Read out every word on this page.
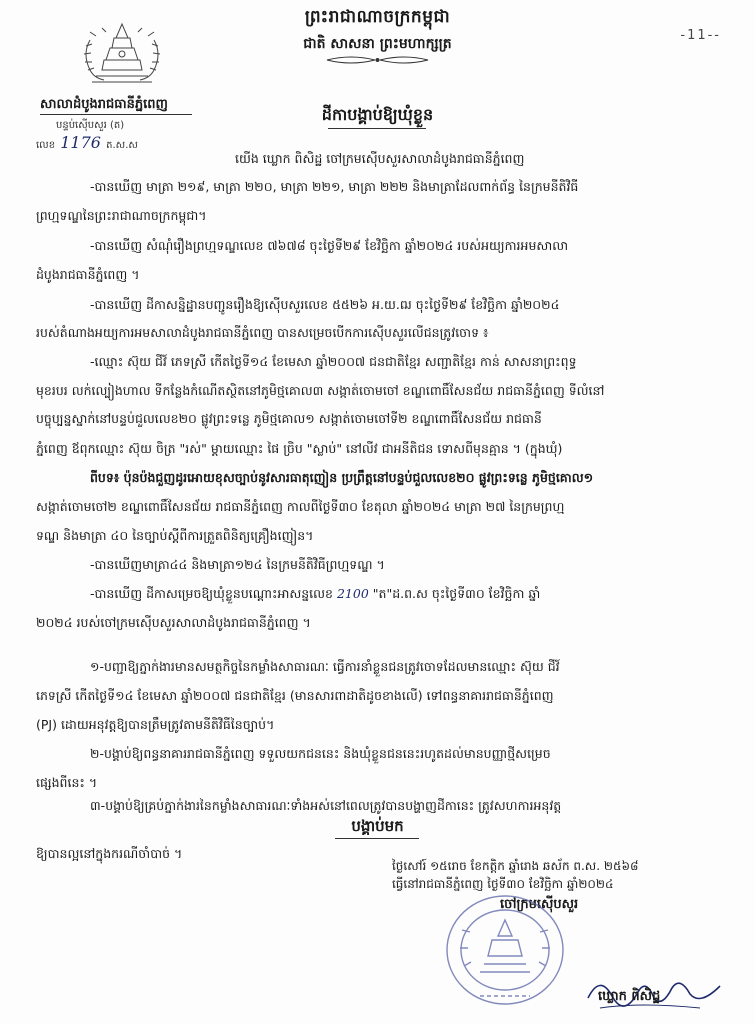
ព្រះរាជាណាចក្រកម្ពុជា
ជាតិ សាសនា ព្រះមហាក្សត្រ
-11--
សាលាដំបូងរាជធានីភ្នំពេញ
បន្ទប់ស៊ើបសួរ (ត)
លេខ 1176 ត.ស.ស
ដីកាបង្គាប់ឱ្យឃុំខ្លួន
យើង ឃ្លោក ពិសិដ្ឋ ចៅក្រមស៊ើបសួរសាលាដំបូងរាជធានីភ្នំពេញ
-បានឃើញ មាត្រា ២១៩, មាត្រា ២២០, មាត្រា ២២១, មាត្រា ២២២ និងមាត្រាដែលពាក់ព័ន្ធ នៃក្រមនីតិវិធី
ព្រហ្មទណ្ឌនៃព្រះរាជាណាចក្រកម្ពុជា។
-បានឃើញ សំណុំរឿងព្រហ្មទណ្ឌលេខ ៧៦៧៨ ចុះថ្ងៃទី២៩ ខែវិច្ឆិកា ឆ្នាំ២០២៤ របស់អយ្យការអមសាលា
ដំបូងរាជធានីភ្នំពេញ ។
-បានឃើញ ដីកាសន្និដ្ឋានបញ្ជូនរឿងឱ្យស៊ើបសួរលេខ ៥៥២៦ អ.យ.ឍ ចុះថ្ងៃទី២៩ ខែវិច្ឆិកា ឆ្នាំ២០២៤
របស់តំណាងអយ្យការអមសាលាដំបូងរាជធានីភ្នំពេញ បានសម្រេចបើកការស៊ើបសួរលើជនត្រូវចោទ ៖
-ឈ្មោះ ស៊ុយ ជីវ៍ ភេទស្រី កើតថ្ងៃទី១៤ ខែមេសា ឆ្នាំ២០០៧ ជនជាតិខ្មែរ សញ្ជាតិខ្មែរ កាន់ សាសនាព្រះពុទ្ធ
មុខរបរ លក់ល្បៀងហាល ទីកន្លែងកំណើតស្ថិតនៅភូមិថ្មគោល៣ សង្កាត់ចោមចៅ ខណ្ឌពោធិ៍សែនជ័យ រាជធានីភ្នំពេញ ទីលំនៅ
បច្ចុប្បន្នស្នាក់នៅបន្ទប់ជួលលេខ២០ ផ្លូវព្រះទន្លេ ភូមិថ្មគោល១ សង្កាត់ចោមចៅទី២ ខណ្ឌពោធិ៍សែនជ័យ រាជធានី
ភ្នំពេញ ឪពុកឈ្មោះ ស៊ុយ ចិត្រ "រស់" ម្ដាយឈ្មោះ ផៃ ច្រិប "ស្លាប់" នៅលីវ ជាអនីតិជន ទោសពីមុនគ្មាន ។ (ក្នុងឃុំ)
ពីបទ៖ ប៉ុនប៉ងជួញដូរអោយខុសច្បាប់នូវសារធាតុញៀន ប្រព្រឹត្តនៅបន្ទប់ជួលលេខ២០ ផ្លូវព្រះទន្លេ ភូមិថ្មគោល១
សង្កាត់ចោមចៅ២ ខណ្ឌពោធិ៍សែនជ័យ រាជធានីភ្នំពេញ កាលពីថ្ងៃទី៣០ ខែតុលា ឆ្នាំ២០២៤ មាត្រា ២៧ នៃក្រមព្រហ្ម
ទណ្ឌ និងមាត្រា ៤០ នៃច្បាប់ស្ដីពីការត្រួតពិនិត្យគ្រឿងញៀន។
-បានឃើញមាត្រា៤៤ និងមាត្រា១២៤ នៃក្រមនីតិវិធីព្រហ្មទណ្ឌ ។
-បានឃើញ ដីកាសម្រេចឱ្យឃុំខ្លួនបណ្ដោះអាសន្នលេខ 2100 "ត"ដ.ព.ស ចុះថ្ងៃទី៣០ ខែវិច្ឆិកា ឆ្នាំ
២០២៤ របស់ចៅក្រមស៊ើបសួរសាលាដំបូងរាជធានីភ្នំពេញ ។
បង្គាប់មក
១-បញ្ជាឱ្យភ្នាក់ងារមានសមត្ថកិច្ចនៃកម្លាំងសាធារណៈ ធ្វើការនាំខ្លួនជនត្រូវចោទដែលមានឈ្មោះ ស៊ុយ ជីវ៍
ភេទស្រី កើតថ្ងៃទី១៤ ខែមេសា ឆ្នាំ២០០៧ ជនជាតិខ្មែរ (មានសារពាដាតិដូចខាងលើ) ទៅពន្ធនាគាររាជធានីភ្នំពេញ
(PJ) ដោយអនុវត្តឱ្យបានត្រឹមត្រូវតាមនីតិវិធីនៃច្បាប់។
២-បង្គាប់ឱ្យពន្ធនាគាររាជធានីភ្នំពេញ ទទួលយកជននេះ និងឃុំខ្លួនជននេះរហូតដល់មានបញ្ញាថ្មីសម្រេច
ផ្សេងពីនេះ ។
៣-បង្គាប់ឱ្យគ្រប់ភ្នាក់ងារនៃកម្លាំងសាធារណៈទាំងអស់នៅពេលត្រូវបានបង្ហាញដីកានេះ ត្រូវសហការអនុវត្ត
ឱ្យបានល្អនៅក្នុងករណីចាំបាច់ ។
ថ្ងៃសៅរ៍ ១៥រោច ខែកត្តិក ឆ្នាំរោង ឆស័ក ព.ស. ២៥៦៨
ធ្វើនៅរាជធានីភ្នំពេញ ថ្ងៃទី៣០ ខែវិច្ឆិកា ឆ្នាំ២០២៤
ចៅក្រមស៊ើបសួរ
ឃ្លោក ពិសិដ្ឋ
